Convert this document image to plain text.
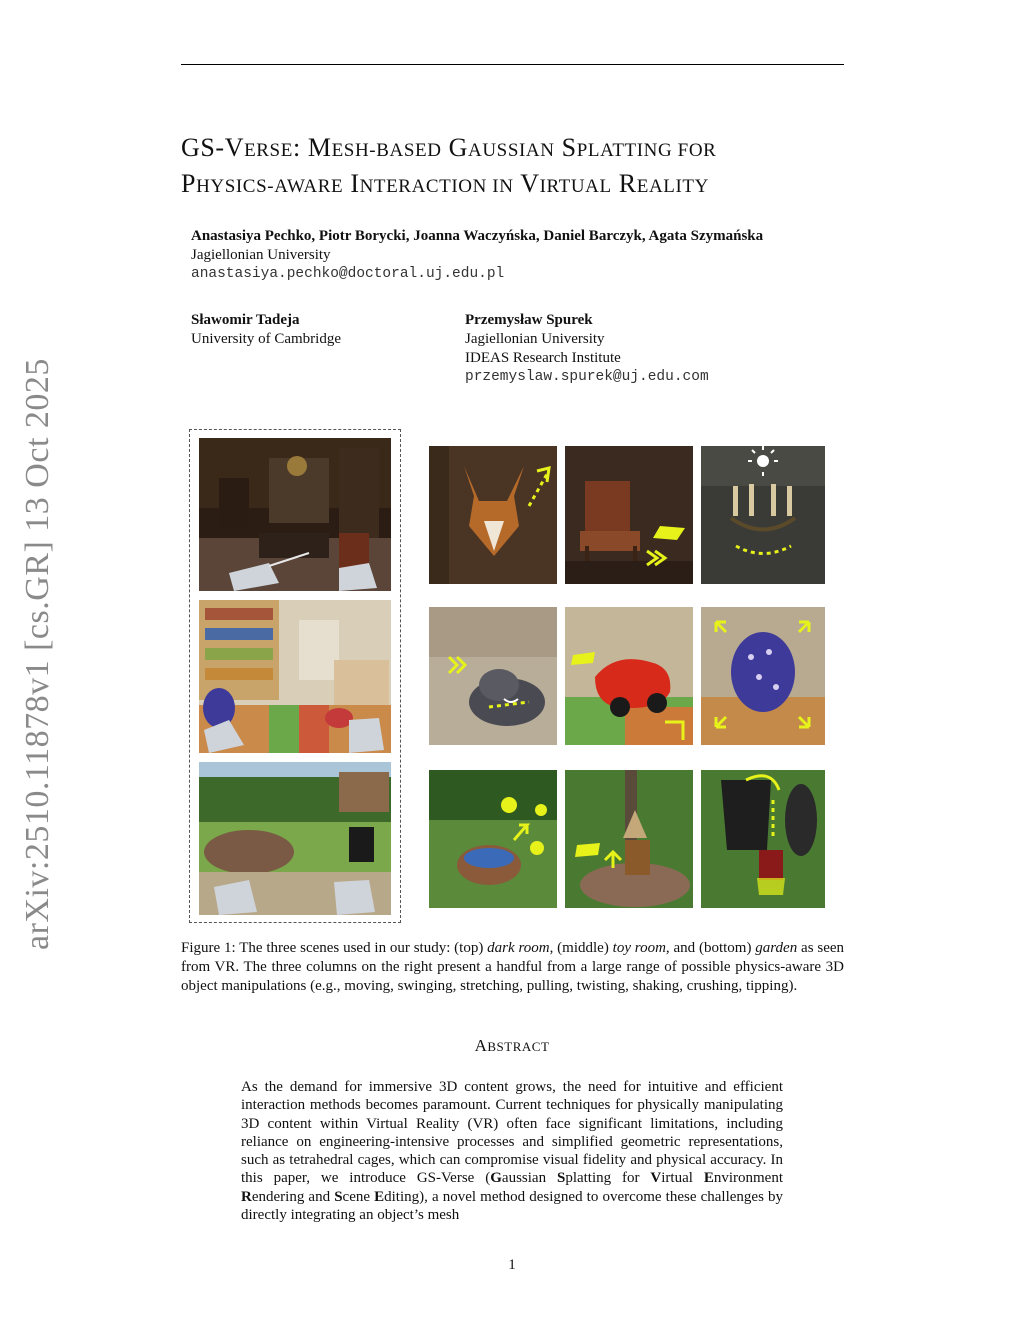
GS-VERSE: MESH-BASED GAUSSIAN SPLATTING FOR
PHYSICS-AWARE INTERACTION IN VIRTUAL REALITY
Anastasiya Pechko, Piotr Borycki, Joanna Waczyńska, Daniel Barczyk, Agata Szymańska
Jagiellonian University
anastasiya.pechko@doctoral.uj.edu.pl
Sławomir Tadeja
University of Cambridge
Przemysław Spurek
Jagiellonian University
IDEAS Research Institute
przemyslaw.spurek@uj.edu.com
arXiv:2510.11878v1 [cs.GR] 13 Oct 2025	Figure 1: The three scenes used in our study: (top) dark room, (middle) toy room, and (bottom) garden as seen from VR. The three columns on the right present a handful from a large range of possible physics-aware 3D object manipulations (e.g., moving, swinging, stretching, pulling, twisting, shaking, crushing, tipping).
ABSTRACT
As the demand for immersive 3D content grows, the need for intuitive and efficient interaction methods becomes paramount. Current techniques for physically manipulating 3D content within Virtual Reality (VR) often face significant limitations, including reliance on engineering-intensive processes and simplified geometric representations, such as tetrahedral cages, which can compromise visual fidelity and physical accuracy. In this paper, we introduce GS-Verse (Gaussian Splatting for Virtual Environment Rendering and Scene Editing), a novel method designed to overcome these challenges by directly integrating an object’s mesh
1
